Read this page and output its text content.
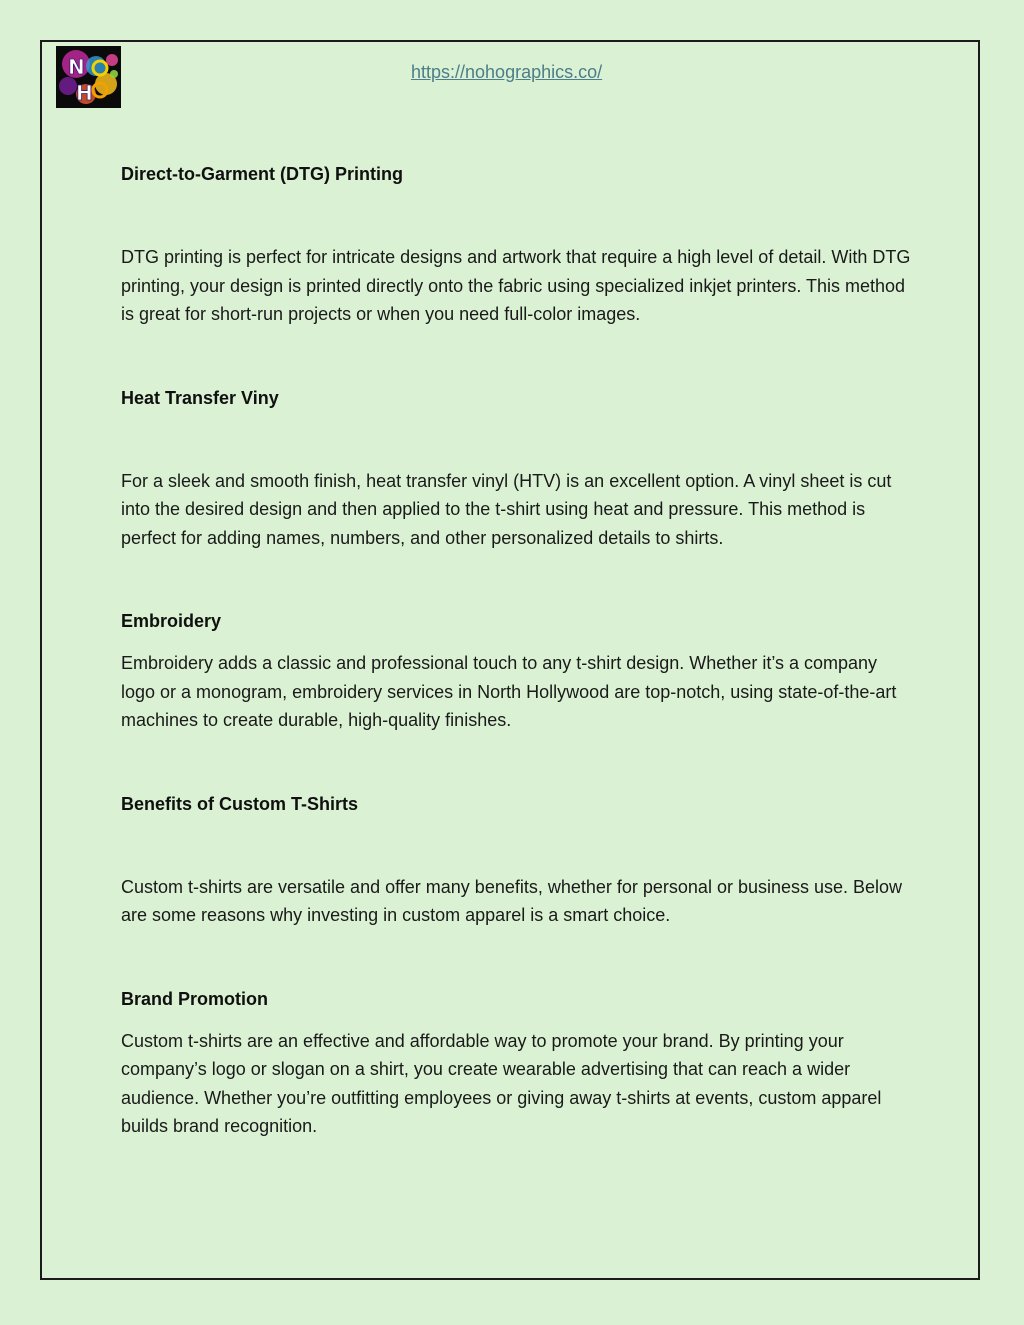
N
H
https://nohographics.co/
Direct-to-Garment (DTG) Printing

DTG printing is perfect for intricate designs and artwork that require a high level of detail. With DTG printing, your design is printed directly onto the fabric using specialized inkjet printers. This method is great for short-run projects or when you need full-color images.

Heat Transfer Viny

For a sleek and smooth finish, heat transfer vinyl (HTV) is an excellent option. A vinyl sheet is cut into the desired design and then applied to the t-shirt using heat and pressure. This method is perfect for adding names, numbers, and other personalized details to shirts.

Embroidery

Embroidery adds a classic and professional touch to any t-shirt design. Whether it’s a company logo or a monogram, embroidery services in North Hollywood are top-notch, using state-of-the-art machines to create durable, high-quality finishes.

Benefits of Custom T-Shirts

Custom t-shirts are versatile and offer many benefits, whether for personal or business use. Below are some reasons why investing in custom apparel is a smart choice.

Brand Promotion

Custom t-shirts are an effective and affordable way to promote your brand. By printing your company’s logo or slogan on a shirt, you create wearable advertising that can reach a wider audience. Whether you’re outfitting employees or giving away t-shirts at events, custom apparel builds brand recognition.
